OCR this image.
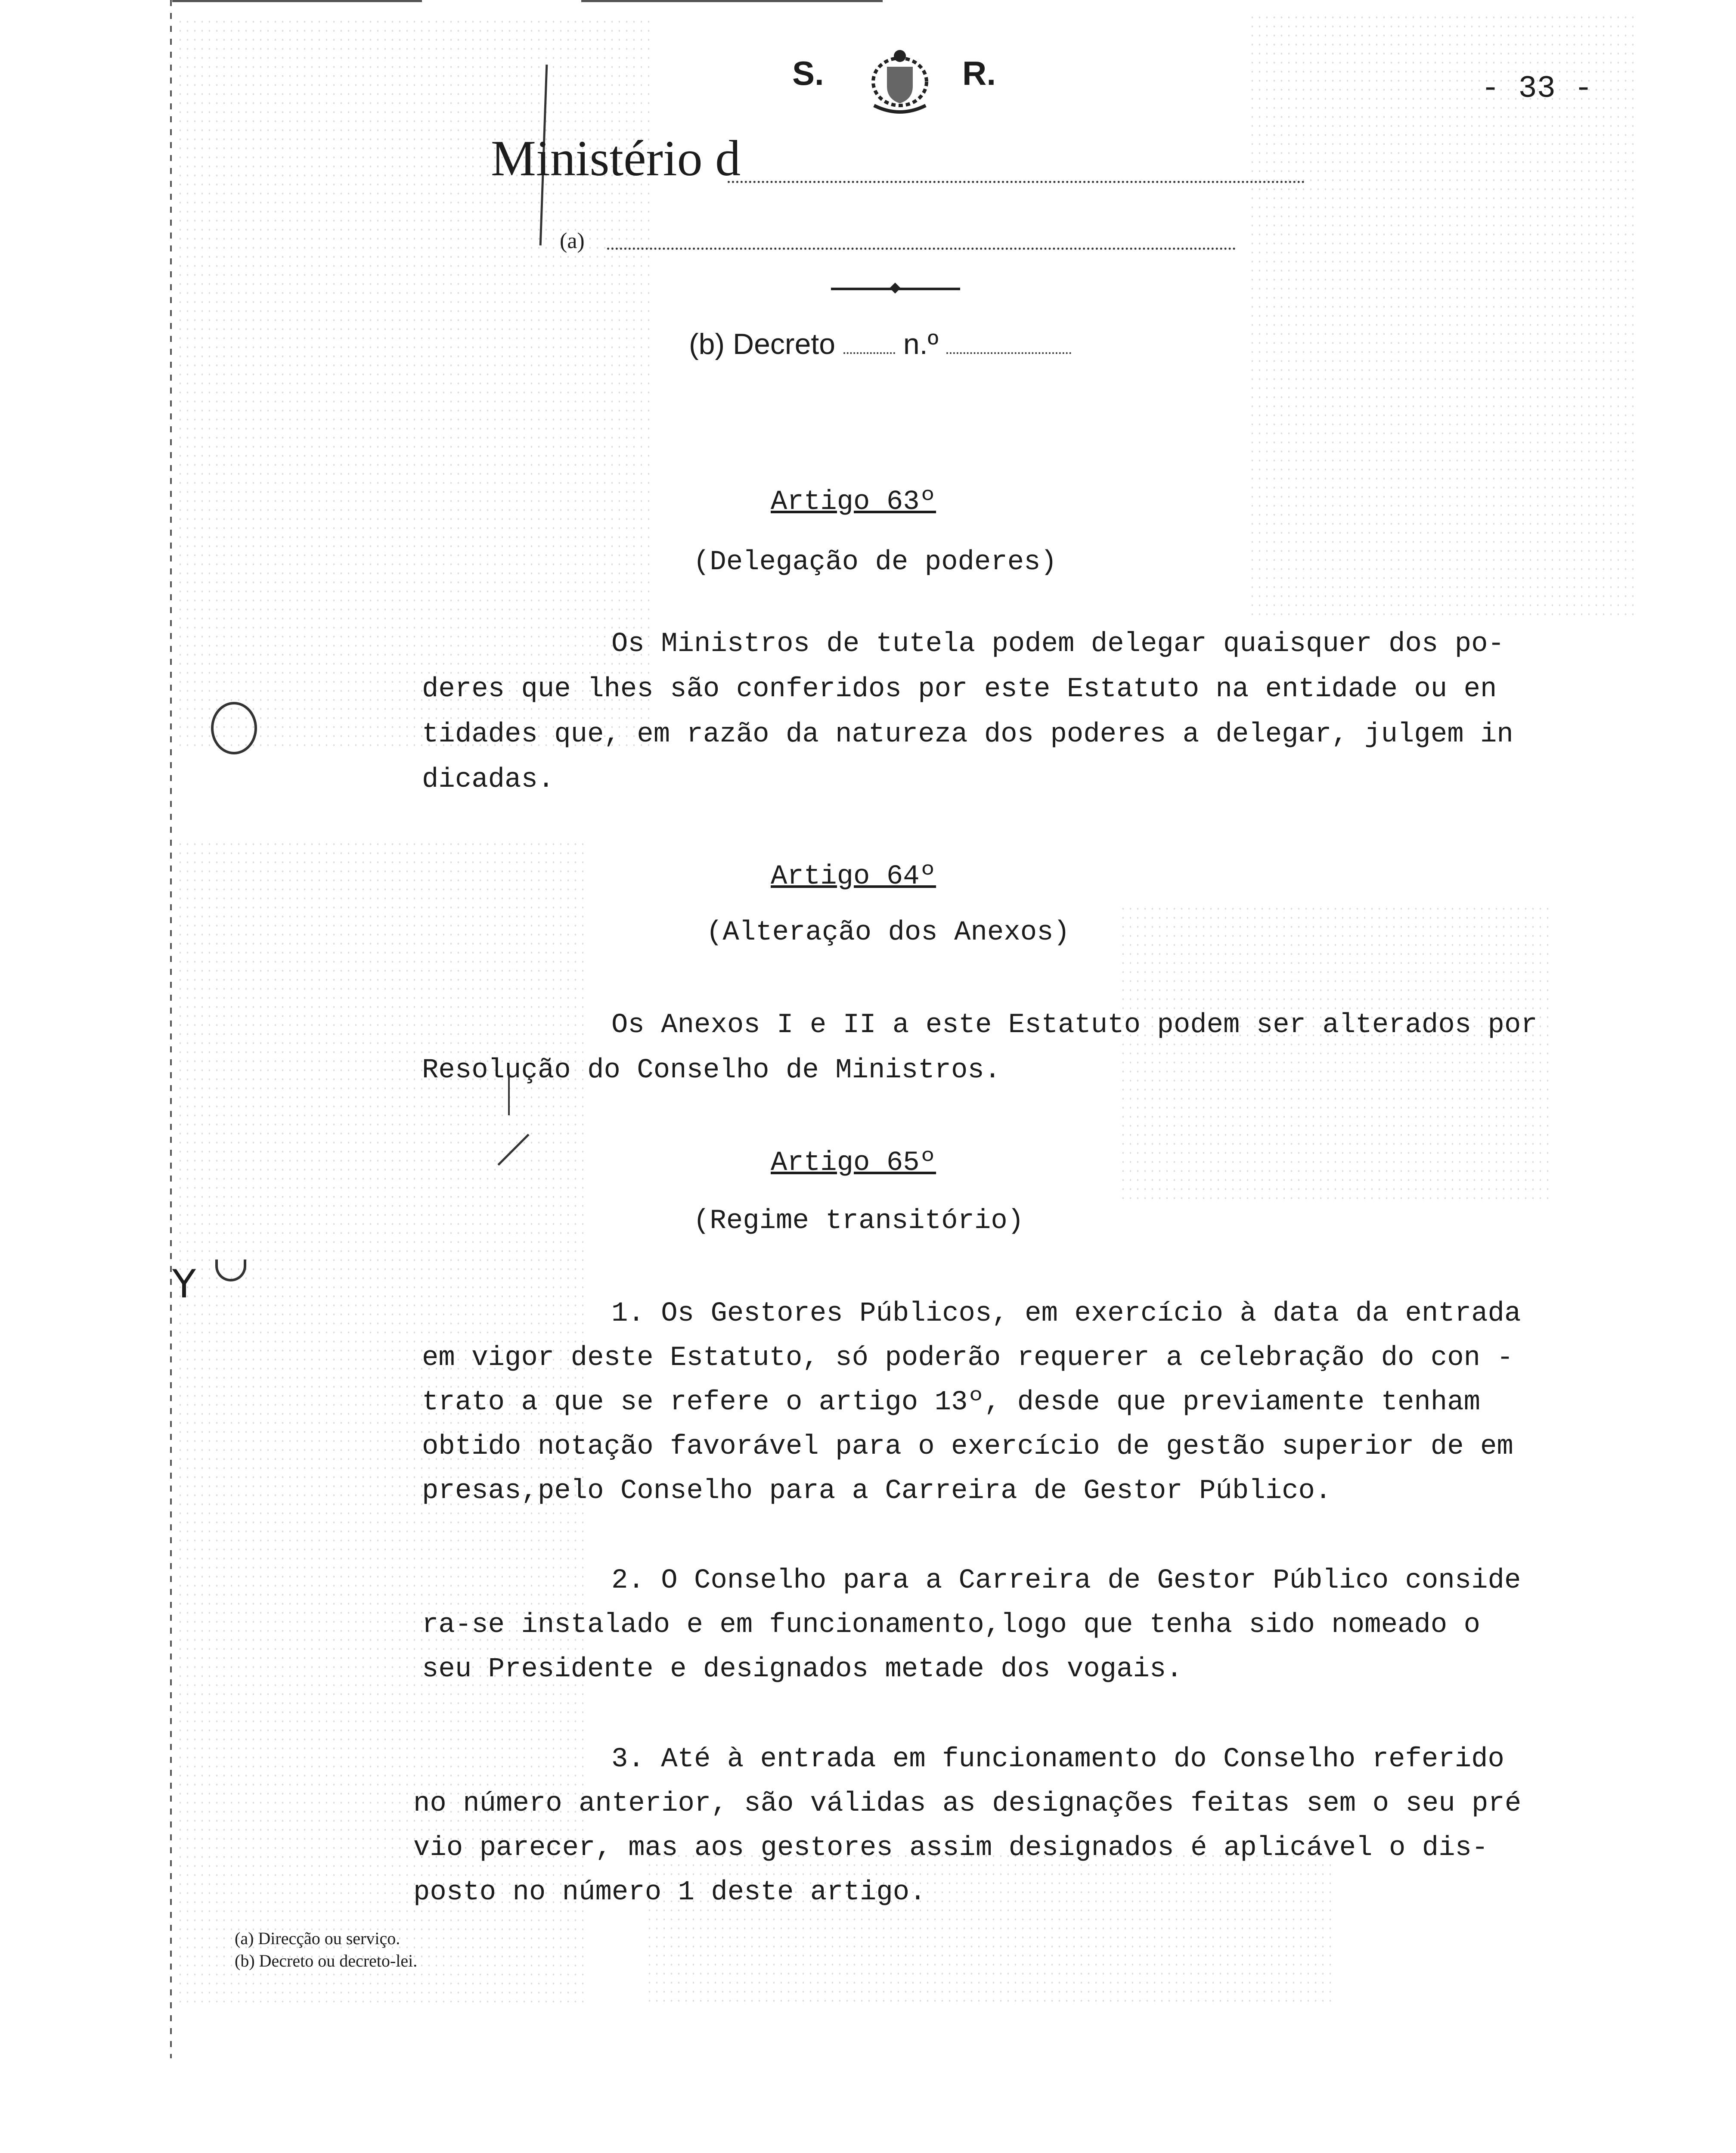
Y
S.	R.	- 33 -
Ministério d
(a)
(b) Decreto n.º
Artigo 63º
(Delegação de poderes)
Os Ministros de tutela podem delegar quaisquer dos po-
deres que lhes são conferidos por este Estatuto na entidade ou en
tidades que, em razão da natureza dos poderes a delegar, julgem in
dicadas.
Artigo 64º
(Alteração dos Anexos)
Os Anexos I e II a este Estatuto podem ser alterados por
Resolução do Conselho de Ministros.
Artigo 65º
(Regime transitório)
1. Os Gestores Públicos, em exercício à data da entrada
em vigor deste Estatuto, só poderão requerer a celebração do con -
trato a que se refere o artigo 13º, desde que previamente tenham
obtido notação favorável para o exercício de gestão superior de em
presas,pelo Conselho para a Carreira de Gestor Público.
2. O Conselho para a Carreira de Gestor Público conside
ra-se instalado e em funcionamento,logo que tenha sido nomeado o
seu Presidente e designados metade dos vogais.
3. Até à entrada em funcionamento do Conselho referido
no número anterior, são válidas as designações feitas sem o seu pré
vio parecer, mas aos gestores assim designados é aplicável o dis-
posto no número 1 deste artigo.
(a) Direcção ou serviço.
(b) Decreto ou decreto-lei.
